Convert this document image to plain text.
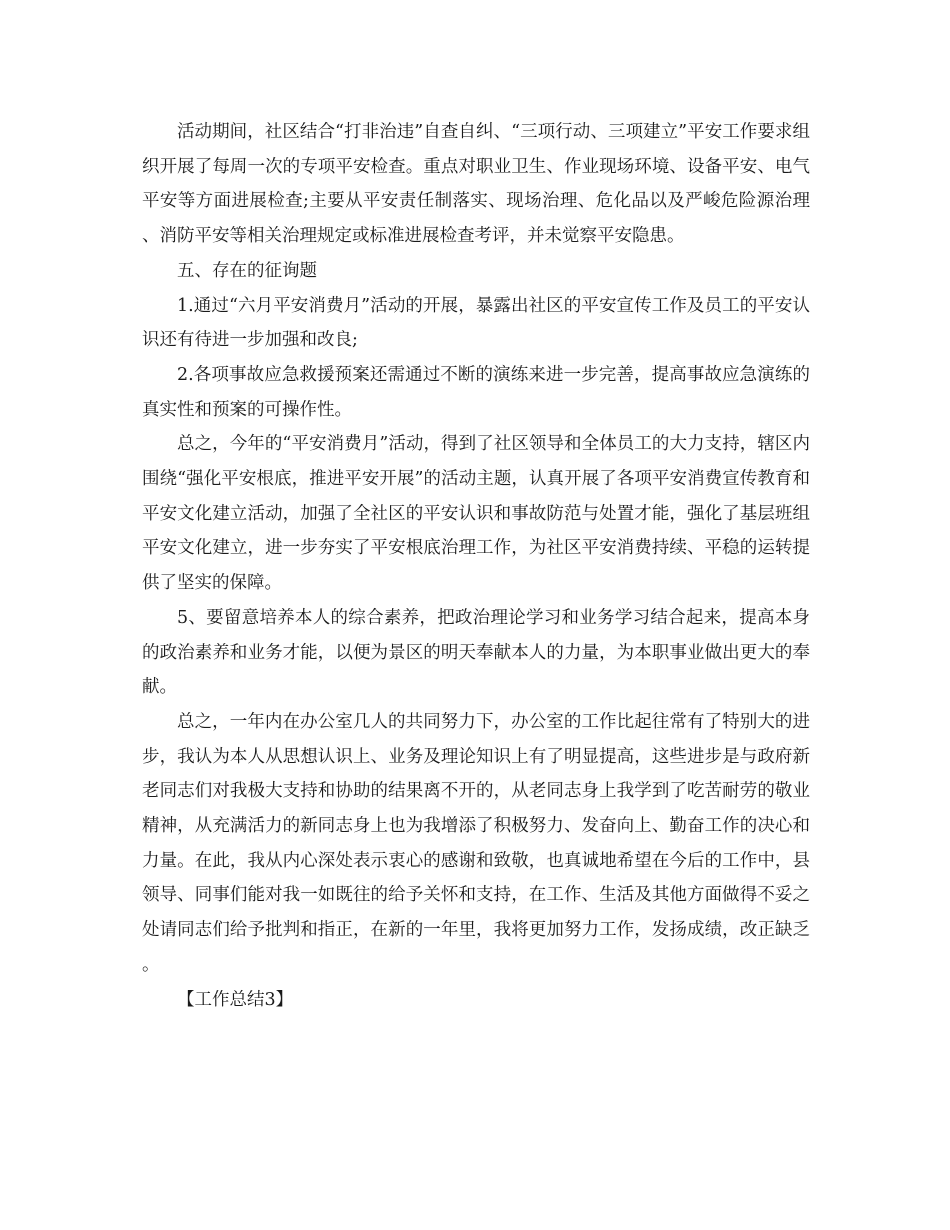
活动期间，社区结合“打非治违”自查自纠、“三项行动、三项建立”平安工作要求组织开展了每周一次的专项平安检查。重点对职业卫生、作业现场环境、设备平安、电气平安等方面进展检查;主要从平安责任制落实、现场治理、危化品以及严峻危险源治理、消防平安等相关治理规定或标准进展检查考评，并未觉察平安隐患。

五、存在的征询题

1.通过“六月平安消费月”活动的开展，暴露出社区的平安宣传工作及员工的平安认识还有待进一步加强和改良;

2.各项事故应急救援预案还需通过不断的演练来进一步完善，提高事故应急演练的真实性和预案的可操作性。

总之，今年的“平安消费月”活动，得到了社区领导和全体员工的大力支持，辖区内围绕“强化平安根底，推进平安开展”的活动主题，认真开展了各项平安消费宣传教育和平安文化建立活动，加强了全社区的平安认识和事故防范与处置才能，强化了基层班组平安文化建立，进一步夯实了平安根底治理工作，为社区平安消费持续、平稳的运转提供了坚实的保障。

5、要留意培养本人的综合素养，把政治理论学习和业务学习结合起来，提高本身的政治素养和业务才能，以便为景区的明天奉献本人的力量，为本职事业做出更大的奉献。

总之，一年内在办公室几人的共同努力下，办公室的工作比起往常有了特别大的进步，我认为本人从思想认识上、业务及理论知识上有了明显提高，这些进步是与政府新老同志们对我极大支持和协助的结果离不开的，从老同志身上我学到了吃苦耐劳的敬业精神，从充满活力的新同志身上也为我增添了积极努力、发奋向上、勤奋工作的决心和力量。在此，我从内心深处表示衷心的感谢和致敬，也真诚地希望在今后的工作中，县领导、同事们能对我一如既往的给予关怀和支持，在工作、生活及其他方面做得不妥之处请同志们给予批判和指正，在新的一年里，我将更加努力工作，发扬成绩，改正缺乏。

【工作总结3】
